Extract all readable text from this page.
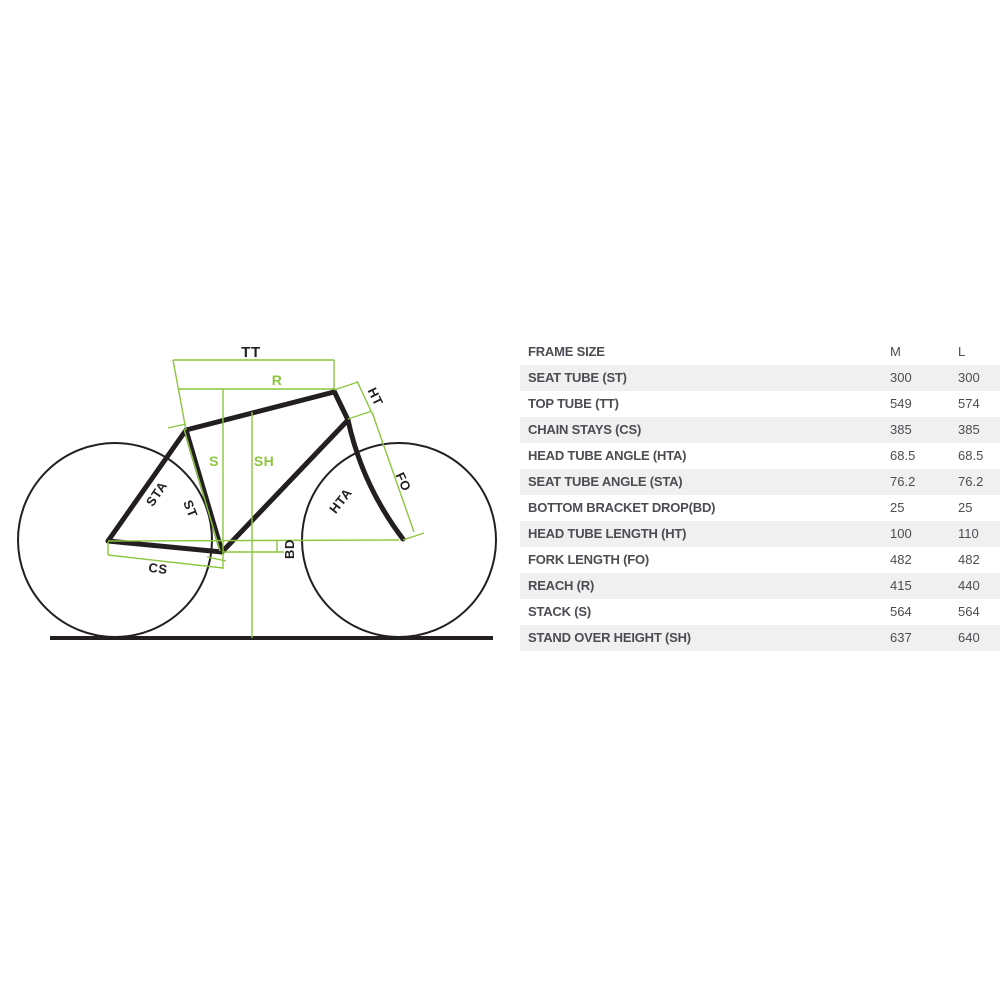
TT
R
HT
S	SH
STA ST
CS
BD
HTA
FO
FRAME SIZE	M	L
SEAT TUBE (ST)	300	300
TOP TUBE (TT)	549	574
CHAIN STAYS (CS)	385	385
HEAD TUBE ANGLE (HTA)	68.5	68.5
SEAT TUBE ANGLE (STA)	76.2	76.2
BOTTOM BRACKET DROP(BD)	25	25
HEAD TUBE LENGTH (HT)	100	110
FORK LENGTH (FO)	482	482
REACH (R)	415	440
STACK (S)	564	564
STAND OVER HEIGHT (SH)	637	640
